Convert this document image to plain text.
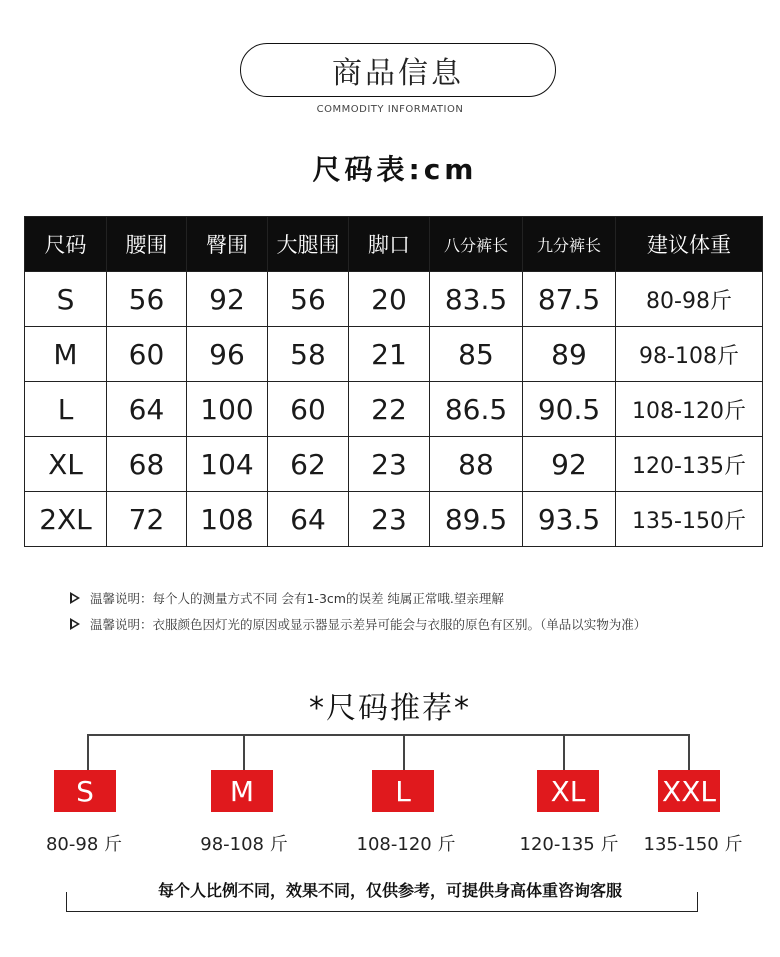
商品信息
COMMODITY INFORMATION
尺码表:cm
尺码	腰围	臀围	大腿围	脚口	八分裤长	九分裤长	建议体重
S	56	92	56	20	83.5	87.5	80-98斤
M	60	96	58	21	85	89	98-108斤
L	64	100	60	22	86.5	90.5	108-120斤
XL	68	104	62	23	88	92	120-135斤
2XL	72	108	64	23	89.5	93.5	135-150斤
温馨说明：每个人的测量方式不同 会有1-3cm的误差 纯属正常哦.望亲理解
温馨说明：衣服颜色因灯光的原因或显示器显示差异可能会与衣服的原色有区别。（单品以实物为准）
*尺码推荐*
S	M	L	XL	XXL
80-98 斤	98-108 斤	108-120 斤	120-135 斤	135-150 斤
每个人比例不同，效果不同，仅供参考，可提供身高体重咨询客服
